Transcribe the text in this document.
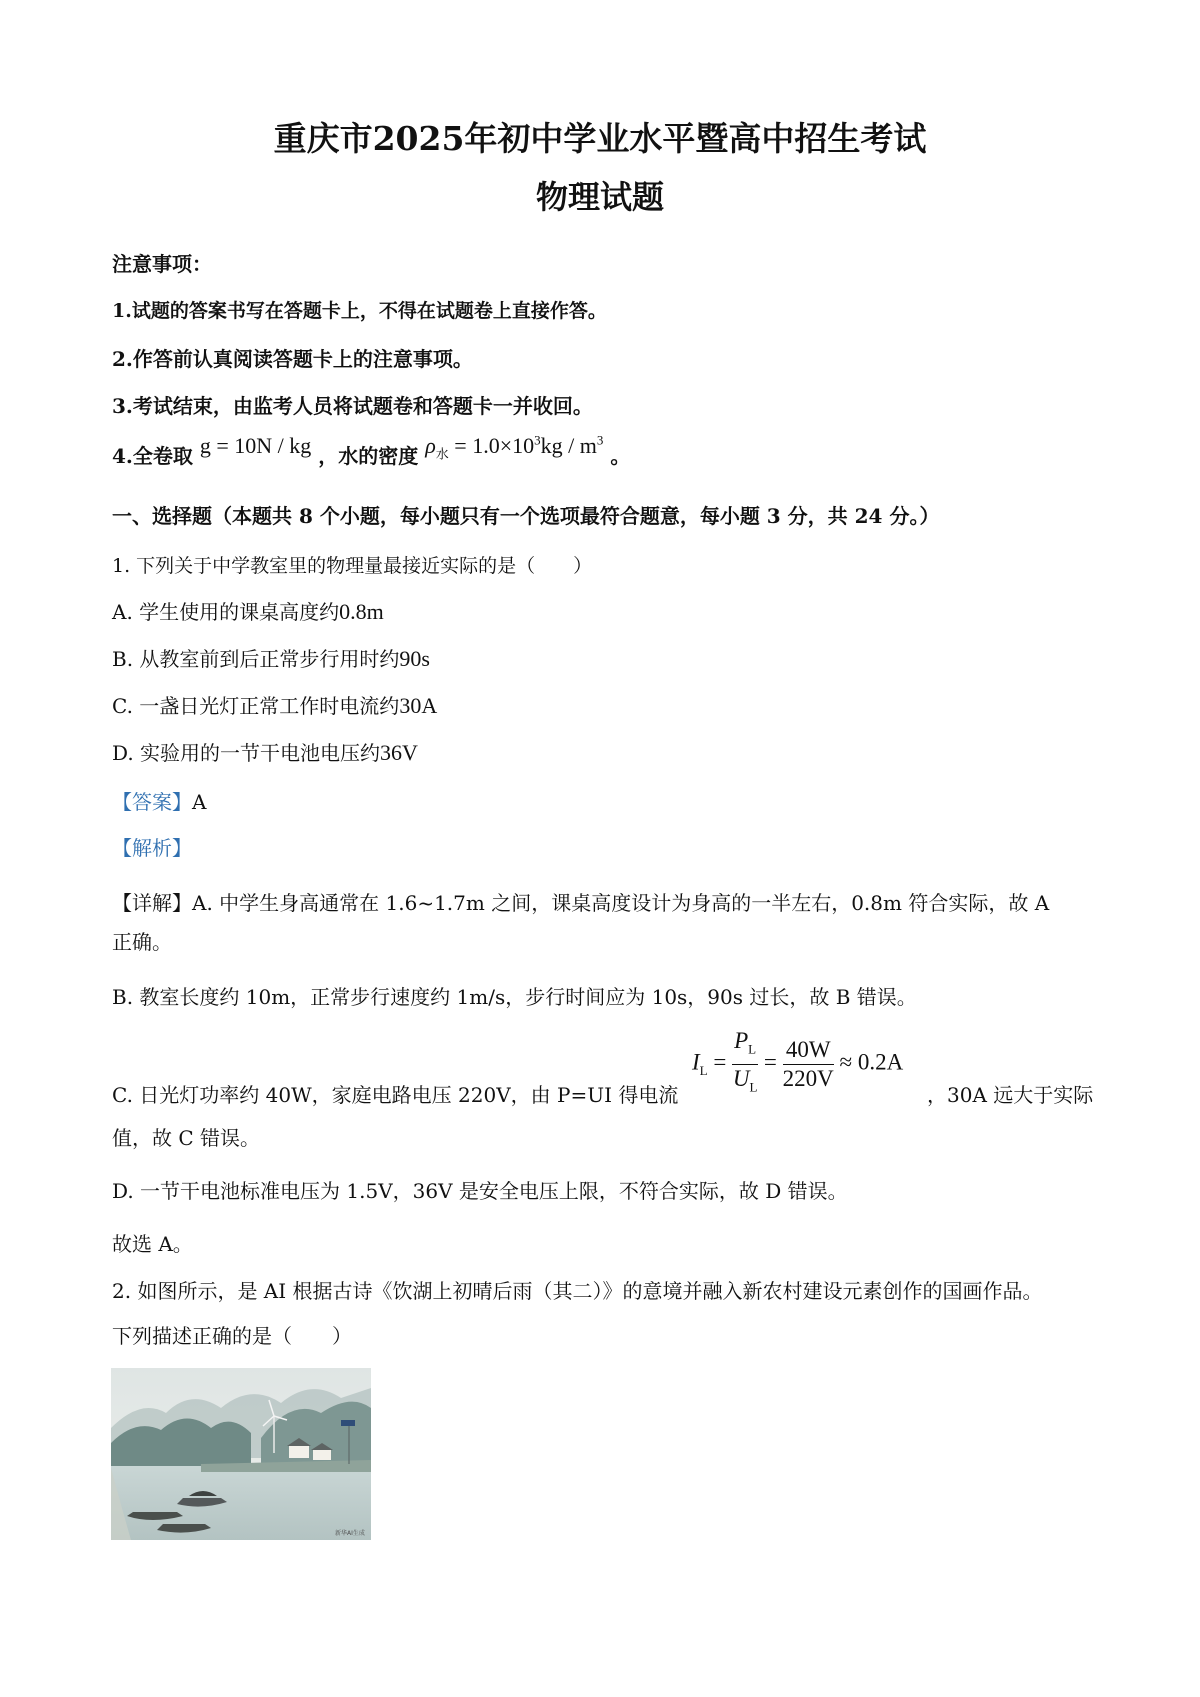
重庆市2025年初中学业水平暨高中招生考试
物理试题
注意事项：
1.试题的答案书写在答题卡上，不得在试题卷上直接作答。
2.作答前认真阅读答题卡上的注意事项。
3.考试结束，由监考人员将试题卷和答题卡一并收回。
4.全卷取 g = 10N / kg ，水的密度 $\rho_水 = 1.0\times 10^3kg / m^3$ 。
一、选择题（本题共 8 个小题，每小题只有一个选项最符合题意，每小题 3 分，共 24 分。）
1. 下列关于中学教室里的物理量最接近实际的是（　　）
A. 学生使用的课桌高度约0.8m
B. 从教室前到后正常步行用时约90s
C. 一盏日光灯正常工作时电流约30A
D. 实验用的一节干电池电压约36V
【答案】A
【解析】
【详解】A. 中学生身高通常在 1.6~1.7m 之间，课桌高度设计为身高的一半左右，0.8m 符合实际，故 A
正确。
B. 教室长度约 10m，正常步行速度约 1m/s，步行时间应为 10s，90s 过长，故 B 错误。
$I_L = \frac{P_L}{U_L} = \frac{40W}{220V} \approx 0.2A$
C. 日光灯功率约 40W，家庭电路电压 220V，由 P=UI 得电流	，30A 远大于实际
值，故 C 错误。
D. 一节干电池标准电压为 1.5V，36V 是安全电压上限，不符合实际，故 D 错误。
故选 A。
2. 如图所示，是 AI 根据古诗《饮湖上初晴后雨（其二）》的意境并融入新农村建设元素创作的国画作品。
下列描述正确的是（　　）
新华AI生成
